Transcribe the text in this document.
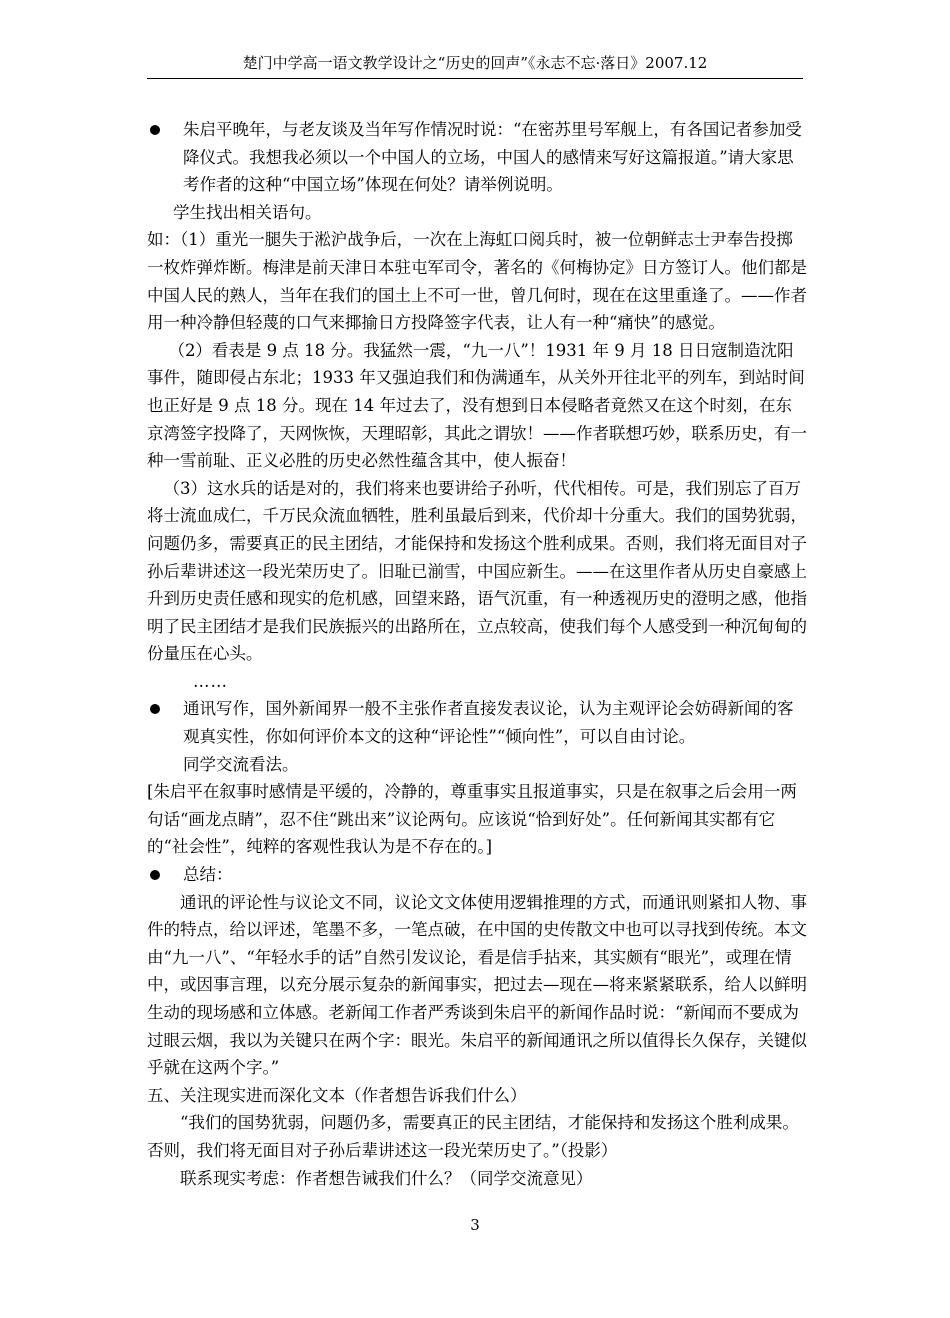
楚门中学高一语文教学设计之“历史的回声”《永志不忘·落日》2007.12

朱启平晚年，与老友谈及当年写作情况时说：“在密苏里号军舰上，有各国记者参加受降仪式。我想我必须以一个中国人的立场，中国人的感情来写好这篇报道。”请大家思考作者的这种“中国立场”体现在何处？请举例说明。

学生找出相关语句。

如：（1）重光一腿失于淞沪战争后，一次在上海虹口阅兵时，被一位朝鲜志士尹奉告投掷一枚炸弹炸断。梅津是前天津日本驻屯军司令，著名的《何梅协定》日方签订人。他们都是中国人民的熟人，当年在我们的国土上不可一世，曾几何时，现在在这里重逢了。——作者用一种冷静但轻蔑的口气来揶揄日方投降签字代表，让人有一种“痛快”的感觉。

（2）看表是 9 点 18 分。我猛然一震，“九一八”！1931 年 9 月 18 日日寇制造沈阳事件，随即侵占东北；1933 年又强迫我们和伪满通车，从关外开往北平的列车，到站时间也正好是 9 点 18 分。现在 14 年过去了，没有想到日本侵略者竟然又在这个时刻，在东京湾签字投降了，天网恢恢，天理昭彰，其此之谓欤！——作者联想巧妙，联系历史，有一种一雪前耻、正义必胜的历史必然性蕴含其中，使人振奋！

（3）这水兵的话是对的，我们将来也要讲给子孙听，代代相传。可是，我们别忘了百万将士流血成仁，千万民众流血牺牲，胜利虽最后到来，代价却十分重大。我们的国势犹弱，问题仍多，需要真正的民主团结，才能保持和发扬这个胜利成果。否则，我们将无面目对子孙后辈讲述这一段光荣历史了。旧耻已湔雪，中国应新生。——在这里作者从历史自豪感上升到历史责任感和现实的危机感，回望来路，语气沉重，有一种透视历史的澄明之感，他指明了民主团结才是我们民族振兴的出路所在，立点较高，使我们每个人感受到一种沉甸甸的份量压在心头。

……

通讯写作，国外新闻界一般不主张作者直接发表议论，认为主观评论会妨碍新闻的客观真实性，你如何评价本文的这种“评论性”“倾向性”，可以自由讨论。

同学交流看法。

[朱启平在叙事时感情是平缓的，冷静的，尊重事实且报道事实，只是在叙事之后会用一两句话“画龙点睛”，忍不住“跳出来”议论两句。应该说“恰到好处”。任何新闻其实都有它的“社会性”，纯粹的客观性我认为是不存在的。]

总结：

通讯的评论性与议论文不同，议论文文体使用逻辑推理的方式，而通讯则紧扣人物、事件的特点，给以评述，笔墨不多，一笔点破，在中国的史传散文中也可以寻找到传统。本文由“九一八”、“年轻水手的话”自然引发议论，看是信手拈来，其实颇有“眼光”，或理在情中，或因事言理，以充分展示复杂的新闻事实，把过去—现在—将来紧紧联系，给人以鲜明生动的现场感和立体感。老新闻工作者严秀谈到朱启平的新闻作品时说：“新闻而不要成为过眼云烟，我以为关键只在两个字：眼光。朱启平的新闻通讯之所以值得长久保存，关键似乎就在这两个字。”

五、关注现实进而深化文本（作者想告诉我们什么）

“我们的国势犹弱，问题仍多，需要真正的民主团结，才能保持和发扬这个胜利成果。否则，我们将无面目对子孙后辈讲述这一段光荣历史了。”（投影）

联系现实考虑：作者想告诫我们什么？（同学交流意见）

3
